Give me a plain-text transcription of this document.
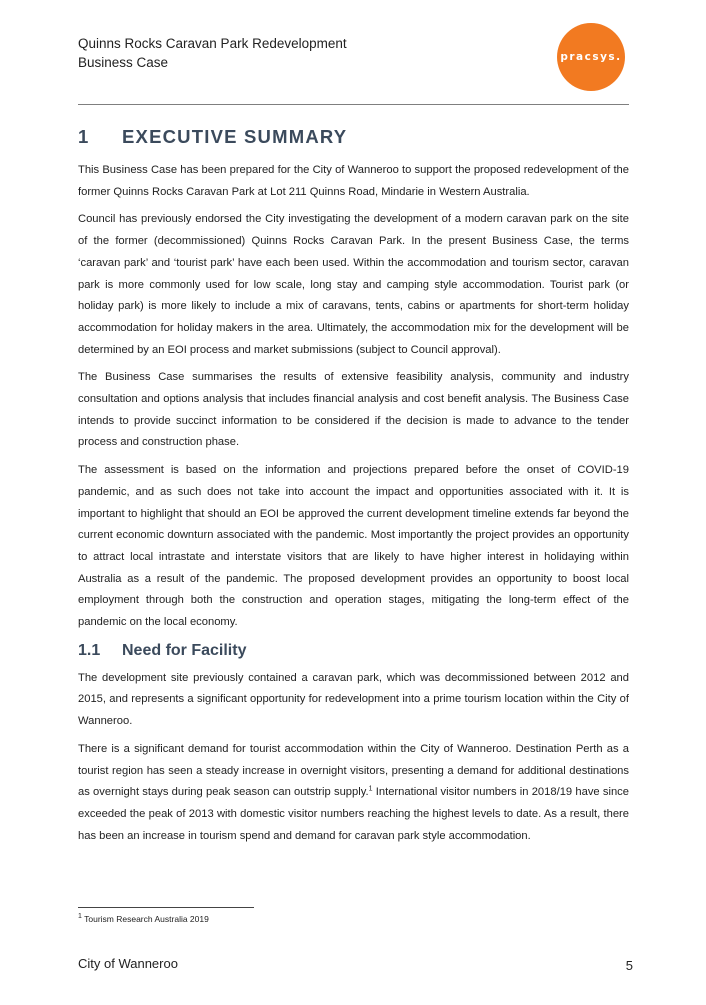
Quinns Rocks Caravan Park Redevelopment
Business Case	pracsys.
1	EXECUTIVE SUMMARY

This Business Case has been prepared for the City of Wanneroo to support the proposed redevelopment of the former Quinns Rocks Caravan Park at Lot 211 Quinns Road, Mindarie in Western Australia.

Council has previously endorsed the City investigating the development of a modern caravan park on the site of the former (decommissioned) Quinns Rocks Caravan Park. In the present Business Case, the terms ‘caravan park’ and ‘tourist park’ have each been used. Within the accommodation and tourism sector, caravan park is more commonly used for low scale, long stay and camping style accommodation. Tourist park (or holiday park) is more likely to include a mix of caravans, tents, cabins or apartments for short-term holiday accommodation for holiday makers in the area. Ultimately, the accommodation mix for the development will be determined by an EOI process and market submissions (subject to Council approval).

The Business Case summarises the results of extensive feasibility analysis, community and industry consultation and options analysis that includes financial analysis and cost benefit analysis. The Business Case intends to provide succinct information to be considered if the decision is made to advance to the tender process and construction phase.

The assessment is based on the information and projections prepared before the onset of COVID-19 pandemic, and as such does not take into account the impact and opportunities associated with it. It is important to highlight that should an EOI be approved the current development timeline extends far beyond the current economic downturn associated with the pandemic. Most importantly the project provides an opportunity to attract local intrastate and interstate visitors that are likely to have higher interest in holidaying within Australia as a result of the pandemic. The proposed development provides an opportunity to boost local employment through both the construction and operation stages, mitigating the long-term effect of the pandemic on the local economy.

1.1	Need for Facility

The development site previously contained a caravan park, which was decommissioned between 2012 and 2015, and represents a significant opportunity for redevelopment into a prime tourism location within the City of Wanneroo.

There is a significant demand for tourist accommodation within the City of Wanneroo. Destination Perth as a tourist region has seen a steady increase in overnight visitors, presenting a demand for additional destinations as overnight stays during peak season can outstrip supply.$^1$ International visitor numbers in 2018/19 have since exceeded the peak of 2013 with domestic visitor numbers reaching the highest levels to date. As a result, there has been an increase in tourism spend and demand for caravan park style accommodation.

$^1$ Tourism Research Australia 2019
City of Wanneroo	5
